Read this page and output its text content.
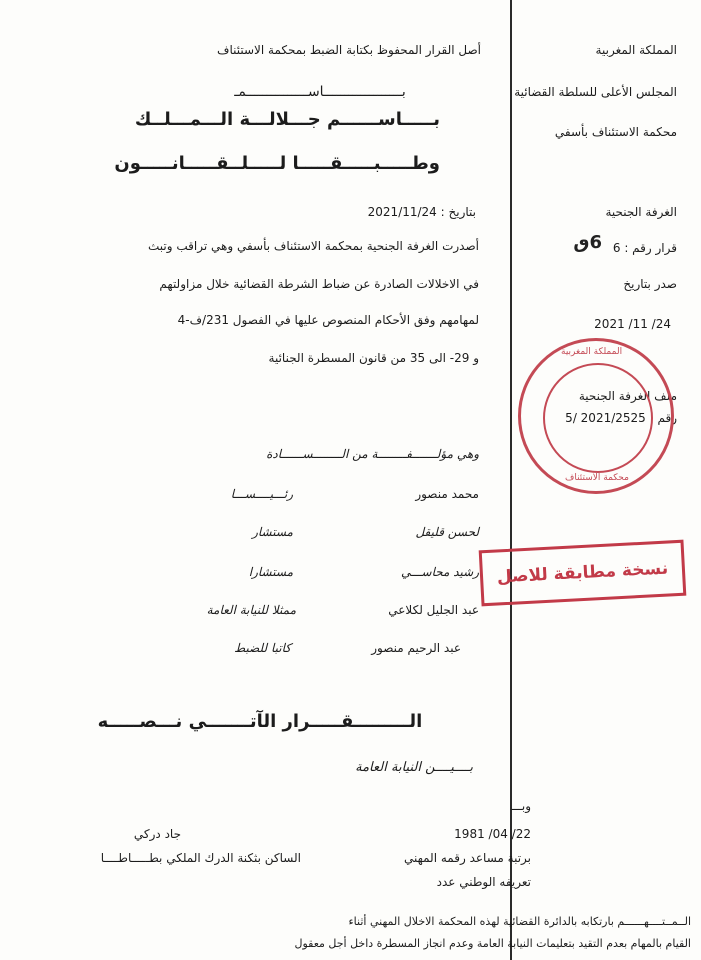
المملكة المغربية
المجلس الأعلى للسلطة القضائية
محكمة الاستئناف بأسفي
الغرفة الجنحية
قرار رقم : 6
6ٯ
صدر بتاريخ
24/ 11/ 2021
ملف الغرفة الجنحية
رقم : 2021/2525 /5
المملكة المغربية
محكمة الاستئناف
أصل القرار المحفوظ بكتابة الضبط بمحكمة الاستئناف
بـــــــــــــــــــاســـــــــــــــمـ
بـــــاســــــم جـــلالـــة الـــمـــلــك
وطـــــبـــــقـــــا لـــــلــقـــــانـــــون
بتاريخ : 2021/11/24
أصدرت الغرفة الجنحية بمحكمة الاستئناف بأسفي وهي تراقب وتبث
في الاخلالات الصادرة عن ضباط الشرطة القضائية خلال مزاولتهم
لمهامهم وفق الأحكام المنصوص عليها في الفصول 231/ف-4
و 29- الى 35 من قانون المسطرة الجنائية
وهي مؤلـــــــفــــــــة من الــــــــســــــادة
محمد منصور
رئـــيــــســـا
لحسن قليقل
مستشار
رشيد محاســـي
مستشارا
عبد الجليل لكلاعي
ممثلا للنيابة العامة
عبد الرحيم منصور
كاتبا للضبط
نسخة مطابقة للاصل
الـــــــــقـــــرار الآتـــــــي نـــصـــــه
بــــيــــن النيابة العامة
وبـــ
22/ 04/ 1981
جاد دركي
برتبة مساعد رقمه المهني
الساكن بثكنة الدرك الملكي بطـــــاطــــا
تعريفه الوطني عدد
الــمــتــــهــــــم بارتكابه بالدائرة القضائية لهذه المحكمة الاخلال المهني أثناء
القيام بالمهام بعدم التقيد بتعليمات النيابة العامة وعدم انجاز المسطرة داخل أجل معقول
